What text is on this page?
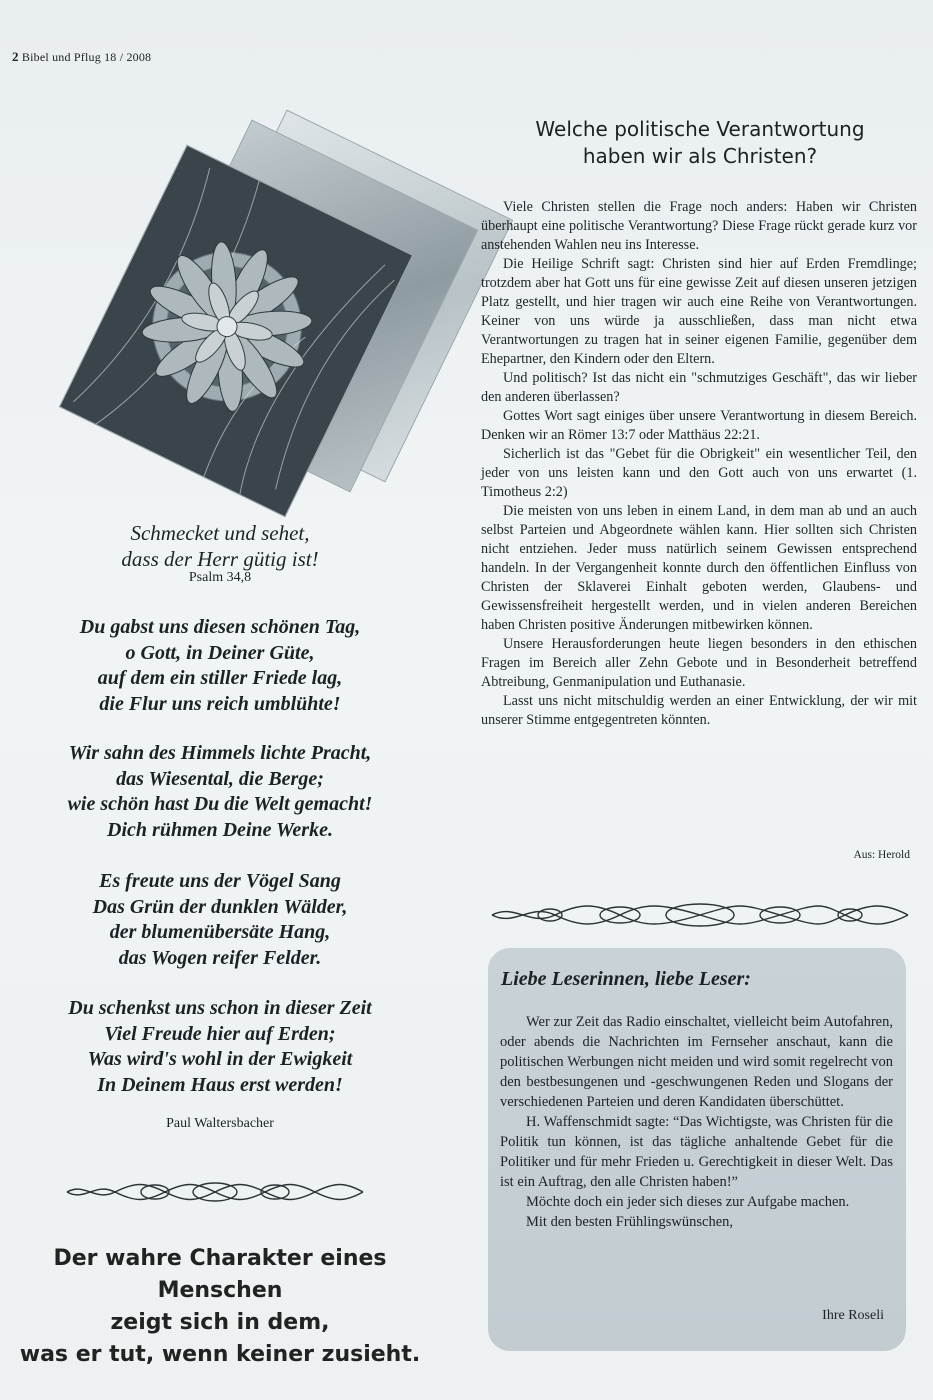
2 Bibel und Pflug 18 / 2008
Schmecket und sehet,
dass der Herr gütig ist!
Psalm 34,8
Du gabst uns diesen schönen Tag,
o Gott, in Deiner Güte,
auf dem ein stiller Friede lag,
die Flur uns reich umblühte!
Wir sahn des Himmels lichte Pracht,
das Wiesental, die Berge;
wie schön hast Du die Welt gemacht!
Dich rühmen Deine Werke.
Es freute uns der Vögel Sang
Das Grün der dunklen Wälder,
der blumenübersäte Hang,
das Wogen reifer Felder.
Du schenkst uns schon in dieser Zeit
Viel Freude hier auf Erden;
Was wird's wohl in der Ewigkeit
In Deinem Haus erst werden!
Paul Waltersbacher
Der wahre Charakter eines Menschen
zeigt sich in dem,
was er tut, wenn keiner zusieht.
Welche politische Verantwortung
haben wir als Christen?

Viele Christen stellen die Frage noch anders: Haben wir Christen überhaupt eine politische Verantwortung? Diese Frage rückt gerade kurz vor anstehenden Wahlen neu ins Interesse.

Die Heilige Schrift sagt: Christen sind hier auf Erden Fremdlinge; trotzdem aber hat Gott uns für eine gewisse Zeit auf diesen unseren jetzigen Platz gestellt, und hier tragen wir auch eine Reihe von Verantwortungen. Keiner von uns würde ja ausschließen, dass man nicht etwa Verantwortungen zu tragen hat in seiner eigenen Familie, gegenüber dem Ehepartner, den Kindern oder den Eltern.

Und politisch? Ist das nicht ein "schmutziges Geschäft", das wir lieber den anderen überlassen?

Gottes Wort sagt einiges über unsere Verantwortung in diesem Bereich. Denken wir an Römer 13:7 oder Matthäus 22:21.

Sicherlich ist das "Gebet für die Obrigkeit" ein wesentlicher Teil, den jeder von uns leisten kann und den Gott auch von uns erwartet (1. Timotheus 2:2)

Die meisten von uns leben in einem Land, in dem man ab und an auch selbst Parteien und Abgeordnete wählen kann. Hier sollten sich Christen nicht entziehen. Jeder muss natürlich seinem Gewissen entsprechend handeln. In der Vergangenheit konnte durch den öffentlichen Einfluss von Christen der Sklaverei Einhalt geboten werden, Glaubens- und Gewissensfreiheit hergestellt werden, und in vielen anderen Bereichen haben Christen positive Änderungen mitbewirken können.

Unsere Herausforderungen heute liegen besonders in den ethischen Fragen im Bereich aller Zehn Gebote und in Besonderheit betreffend Abtreibung, Genmanipulation und Euthanasie.

Lasst uns nicht mitschuldig werden an einer Entwicklung, der wir mit unserer Stimme entgegentreten könnten.

Aus: Herold
Liebe Leserinnen, liebe Leser:

Wer zur Zeit das Radio einschaltet, vielleicht beim Autofahren, oder abends die Nachrichten im Fernseher anschaut, kann die politischen Werbungen nicht meiden und wird somit regelrecht von den bestbesungenen und -geschwungenen Reden und Slogans der verschiedenen Parteien und deren Kandidaten überschüttet.

H. Waffenschmidt sagte: “Das Wichtigste, was Christen für die Politik tun können, ist das tägliche anhaltende Gebet für die Politiker und für mehr Frieden u. Gerechtigkeit in dieser Welt. Das ist ein Auftrag, den alle Christen haben!”

Möchte doch ein jeder sich dieses zur Aufgabe machen.

Mit den besten Frühlingswünschen,

Ihre Roseli
